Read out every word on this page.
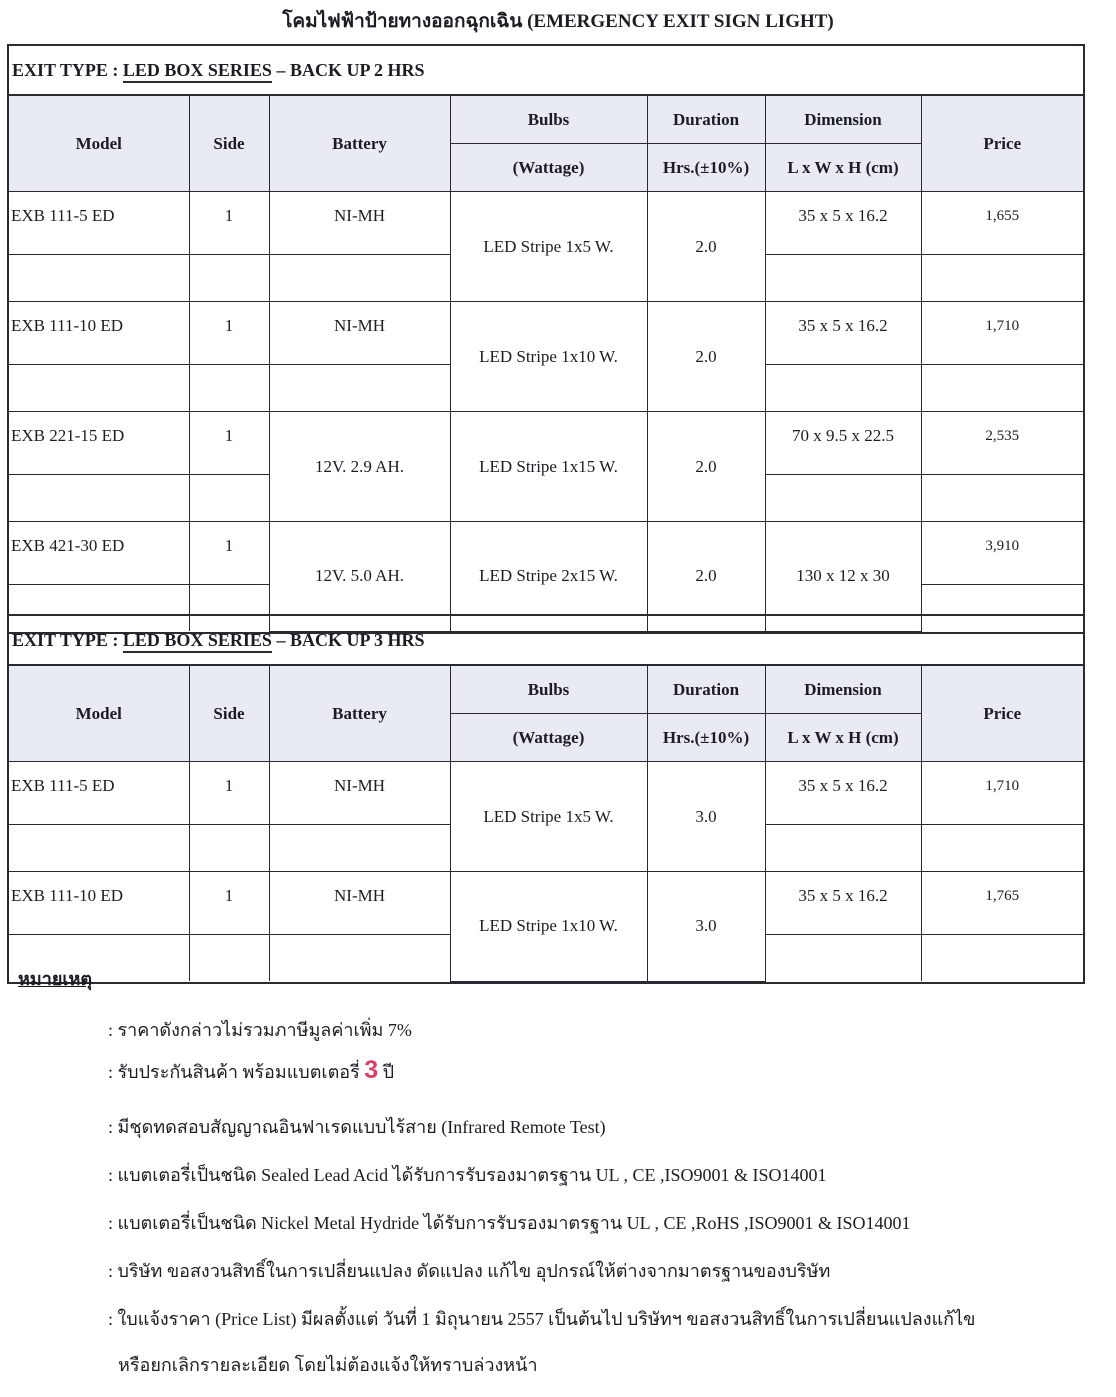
โคมไฟฟ้าป้ายทางออกฉุกเฉิน (EMERGENCY EXIT SIGN LIGHT)
EXIT TYPE : LED BOX SERIES – BACK UP 2 HRS
Model	Side	Battery	Bulbs	Duration	Dimension	Price
			(Wattage)	Hrs.(±10%)	L x W x H (cm)	
EXB 111-5 ED	1	NI-MH	LED Stripe 1x5 W.	2.0	35 x 5 x 16.2	1,655

EXB 111-10 ED	1	NI-MH	LED Stripe 1x10 W.	2.0	35 x 5 x 16.2	1,710

EXB 221-15 ED	1	12V. 2.9 AH.	LED Stripe 1x15 W.	2.0	70 x 9.5 x 22.5	2,535

EXB 421-30 ED	1	12V. 5.0 AH.	LED Stripe 2x15 W.	2.0	130 x 12 x 30	3,910

EXIT TYPE : LED BOX SERIES – BACK UP 3 HRS
Model	Side	Battery	Bulbs	Duration	Dimension	Price
			(Wattage)	Hrs.(±10%)	L x W x H (cm)	
EXB 111-5 ED	1	NI-MH	LED Stripe 1x5 W.	3.0	35 x 5 x 16.2	1,710

EXB 111-10 ED	1	NI-MH	LED Stripe 1x10 W.	3.0	35 x 5 x 16.2	1,765

หมายเหตุ
: ราคาดังกล่าวไม่รวมภาษีมูลค่าเพิ่ม 7%
: รับประกันสินค้า พร้อมแบตเตอรี่ 3 ปี
: มีชุดทดสอบสัญญาณอินฟาเรดแบบไร้สาย (Infrared Remote Test)
: แบตเตอรี่เป็นชนิด Sealed Lead Acid ได้รับการรับรองมาตรฐาน UL , CE ,ISO9001 & ISO14001
: แบตเตอรี่เป็นชนิด Nickel Metal Hydride ได้รับการรับรองมาตรฐาน UL , CE ,RoHS ,ISO9001 & ISO14001
: บริษัท ขอสงวนสิทธิ์ในการเปลี่ยนแปลง ดัดแปลง แก้ไข อุปกรณ์ให้ต่างจากมาตรฐานของบริษัท
: ใบแจ้งราคา (Price List) มีผลตั้งแต่ วันที่ 1 มิถุนายน 2557 เป็นต้นไป บริษัทฯ ขอสงวนสิทธิ์ในการเปลี่ยนแปลงแก้ไข
หรือยกเลิกรายละเอียด โดยไม่ต้องแจ้งให้ทราบล่วงหน้า
